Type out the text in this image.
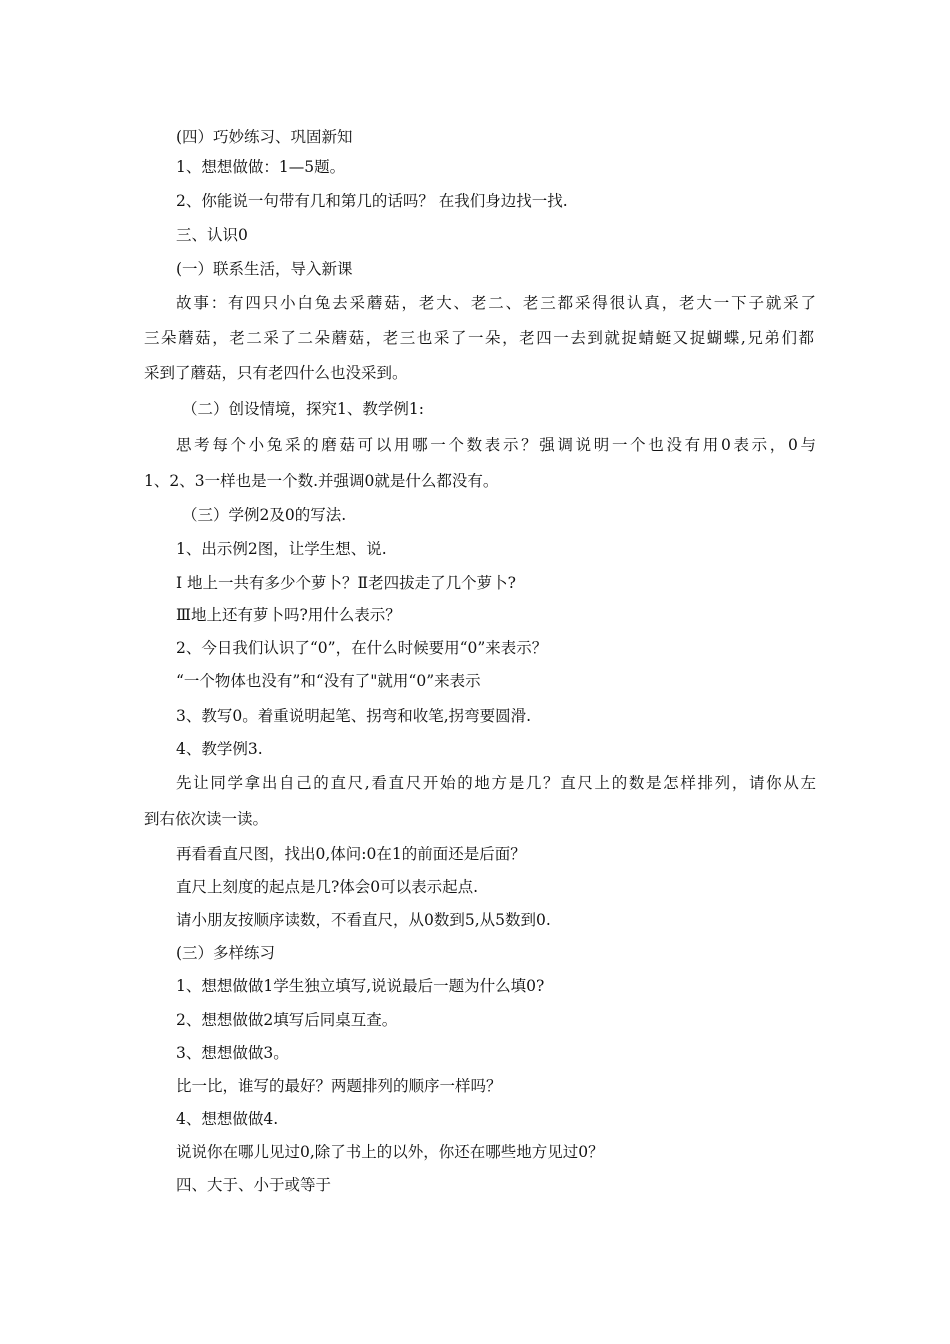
(四）巧妙练习、巩固新知
1、想想做做：1—5题。
2、你能说一句带有几和第几的话吗？ 在我们身边找一找.
三、认识0
(一）联系生活，导入新课
故事：有四只小白兔去采蘑菇，老大、老二、老三都采得很认真，老大一下子就采了
三朵蘑菇，老二采了二朵蘑菇，老三也采了一朵，老四一去到就捉蜻蜓又捉蝴蝶,兄弟们都
采到了蘑菇，只有老四什么也没采到。
（二）创设情境，探究1、教学例1:
思考每个小兔采的磨菇可以用哪一个数表示？强调说明一个也没有用0表示，0与
1、2、3一样也是一个数.并强调0就是什么都没有。
（三）学例2及0的写法.
1、出示例2图，让学生想、说.
Ⅰ 地上一共有多少个萝卜？Ⅱ老四拔走了几个萝卜?
Ⅲ地上还有萝卜吗?用什么表示？
2、今日我们认识了“0”，在什么时候要用“0”来表示？
“一个物体也没有”和“没有了"就用“0”来表示
3、教写0。着重说明起笔、拐弯和收笔,拐弯要圆滑.
4、教学例3.
先让同学拿出自己的直尺,看直尺开始的地方是几？直尺上的数是怎样排列，请你从左
到右依次读一读。
再看看直尺图，找出0,体问:0在1的前面还是后面？
直尺上刻度的起点是几?体会0可以表示起点.
请小朋友按顺序读数，不看直尺，从0数到5,从5数到0.
(三）多样练习
1、想想做做1学生独立填写,说说最后一题为什么填0?
2、想想做做2填写后同桌互查。
3、想想做做3。
比一比，谁写的最好？两题排列的顺序一样吗？
4、想想做做4.
说说你在哪儿见过0,除了书上的以外，你还在哪些地方见过0？
四、大于、小于或等于
